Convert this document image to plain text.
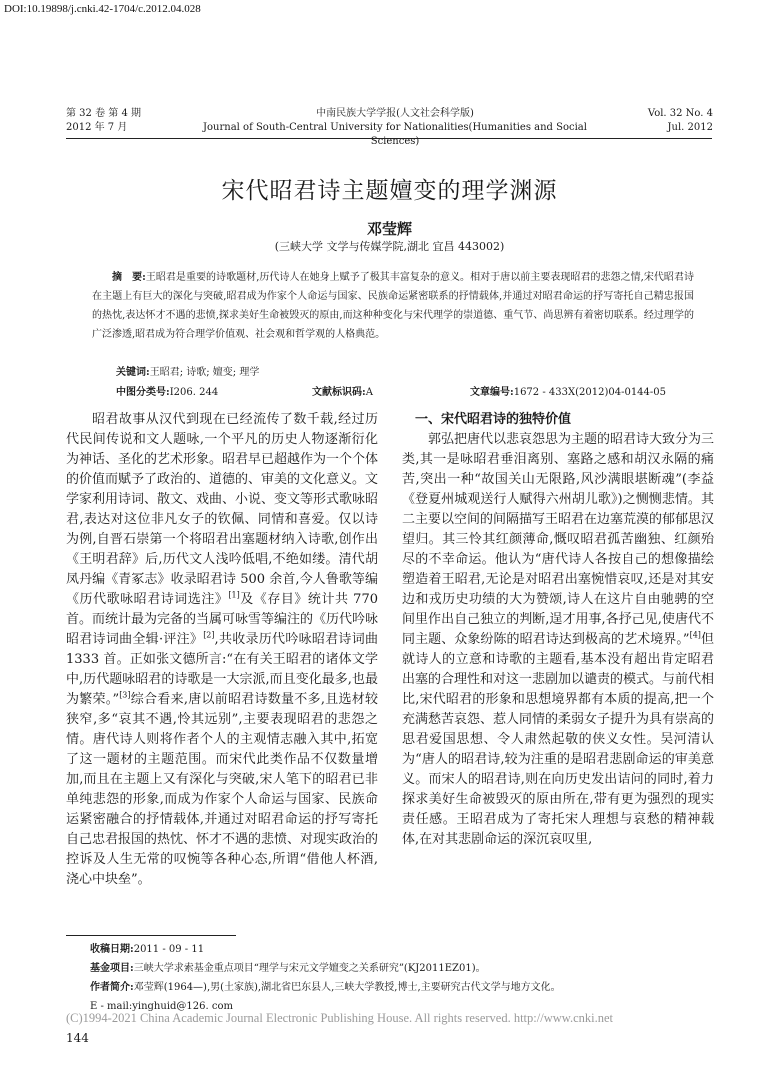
DOI:10.19898/j.cnki.42-1704/c.2012.04.028
第 32 卷 第 4 期
2012 年 7 月
中南民族大学学报(人文社会科学版)
Journal of South-Central University for Nationalities(Humanities and Social Sciences)
Vol. 32 No. 4
Jul. 2012
宋代昭君诗主题嬗变的理学渊源
邓莹辉
(三峡大学 文学与传媒学院,湖北 宜昌 443002)
摘　要:王昭君是重要的诗歌题材,历代诗人在她身上赋予了极其丰富复杂的意义。相对于唐以前主要表现昭君的悲怨之情,宋代昭君诗在主题上有巨大的深化与突破,昭君成为作家个人命运与国家、民族命运紧密联系的抒情载体,并通过对昭君命运的抒写寄托自己精忠报国的热忱,表达怀才不遇的悲愤,探求美好生命被毁灭的原由,而这种种变化与宋代理学的崇道德、重气节、尚思辨有着密切联系。经过理学的广泛渗透,昭君成为符合理学价值观、社会观和哲学观的人格典范。
关键词:王昭君; 诗歌; 嬗变; 理学
中图分类号:I206. 244	文献标识码:A	文章编号:1672 - 433X(2012)04-0144-05

昭君故事从汉代到现在已经流传了数千载,经过历代民间传说和文人题咏,一个平凡的历史人物逐渐衍化为神话、圣化的艺术形象。昭君早已超越作为一个个体的价值而赋予了政治的、道德的、审美的文化意义。文学家利用诗词、散文、戏曲、小说、变文等形式歌咏昭君,表达对这位非凡女子的钦佩、同情和喜爱。仅以诗为例,自晋石崇第一个将昭君出塞题材纳入诗歌,创作出《王明君辞》后,历代文人浅吟低唱,不绝如缕。清代胡凤丹编《青冢志》收录昭君诗 500 余首,今人鲁歌等编《历代歌咏昭君诗词选注》[1]及《存目》统计共 770 首。而统计最为完备的当属可咏雪等编注的《历代吟咏昭君诗词曲全辑·评注》[2],共收录历代吟咏昭君诗词曲 1333 首。正如张文德所言:“在有关王昭君的诸体文学中,历代题咏昭君的诗歌是一大宗派,而且变化最多,也最为繁荣。”[3]综合看来,唐以前昭君诗数量不多,且选材较狭窄,多“哀其不遇,怜其远别”,主要表现昭君的悲怨之情。唐代诗人则将作者个人的主观情志融入其中,拓宽了这一题材的主题范围。而宋代此类作品不仅数量增加,而且在主题上又有深化与突破,宋人笔下的昭君已非单纯悲怨的形象,而成为作家个人命运与国家、民族命运紧密融合的抒情载体,并通过对昭君命运的抒写寄托自己忠君报国的热忱、怀才不遇的悲愤、对现实政治的控诉及人生无常的叹惋等各种心态,所谓“借他人杯酒,浇心中块垒”。

一、宋代昭君诗的独特价值

郭弘把唐代以悲哀怨思为主题的昭君诗大致分为三类,其一是咏昭君垂泪离别、塞路之感和胡汉永隔的痛苦,突出一种“故国关山无限路,风沙满眼堪断魂”(李益《登夏州城观送行人赋得六州胡儿歌》)之恻恻悲情。其二主要以空间的间隔描写王昭君在边塞荒漠的郁郁思汉望归。其三怜其红颜薄命,慨叹昭君孤苦幽独、红颜殆尽的不幸命运。他认为“唐代诗人各按自己的想像描绘塑造着王昭君,无论是对昭君出塞惋惜哀叹,还是对其安边和戎历史功绩的大为赞颂,诗人在这片自由驰骋的空间里作出自己独立的判断,逞才用事,各抒己见,使唐代不同主题、众象纷陈的昭君诗达到极高的艺术境界。”[4]但就诗人的立意和诗歌的主题看,基本没有超出肯定昭君出塞的合理性和对这一悲剧加以谴责的模式。与前代相比,宋代昭君的形象和思想境界都有本质的提高,把一个充满愁苦哀怨、惹人同情的柔弱女子提升为具有崇高的思君爱国思想、令人肃然起敬的侠义女性。吴河清认为“唐人的昭君诗,较为注重的是昭君悲剧命运的审美意义。而宋人的昭君诗,则在向历史发出诘问的同时,着力探求美好生命被毁灭的原由所在,带有更为强烈的现实责任感。王昭君成为了寄托宋人理想与哀愁的精神载体,在对其悲剧命运的深沉哀叹里,

收稿日期:2011 - 09 - 11
基金项目:三峡大学求索基金重点项目“理学与宋元文学嬗变之关系研究”(KJ2011EZ01)。
作者简介:邓莹辉(1964—),男(土家族),湖北省巴东县人,三峡大学教授,博士,主要研究古代文学与地方文化。
E - mail:yinghuid@126. com
(C)1994-2021 China Academic Journal Electronic Publishing House. All rights reserved. http://www.cnki.net
144
